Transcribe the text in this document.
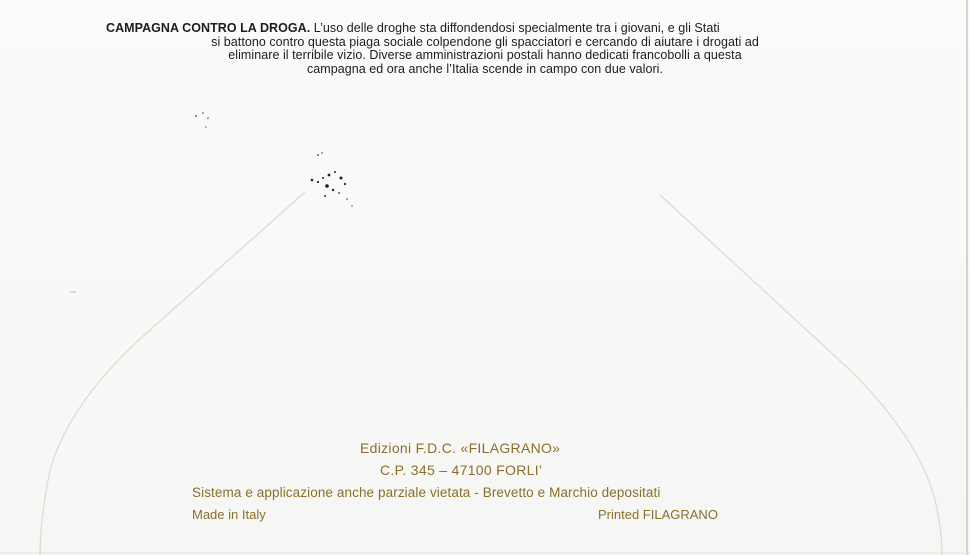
CAMPAGNA CONTRO LA DROGA. L’uso delle droghe sta diffondendosi specialmente tra i giovani, e gli Stati
si battono contro questa piaga sociale colpendone gli spacciatori e cercando di aiutare i drogati ad
eliminare il terribile vizio. Diverse amministrazioni postali hanno dedicati francobolli a questa
campagna ed ora anche l’Italia scende in campo con due valori.
Edizioni F.D.C. «FILAGRANO»
C.P. 345 – 47100 FORLI’
Sistema e applicazione anche parziale vietata - Brevetto e Marchio depositati
Made in Italy	Printed FILAGRANO
